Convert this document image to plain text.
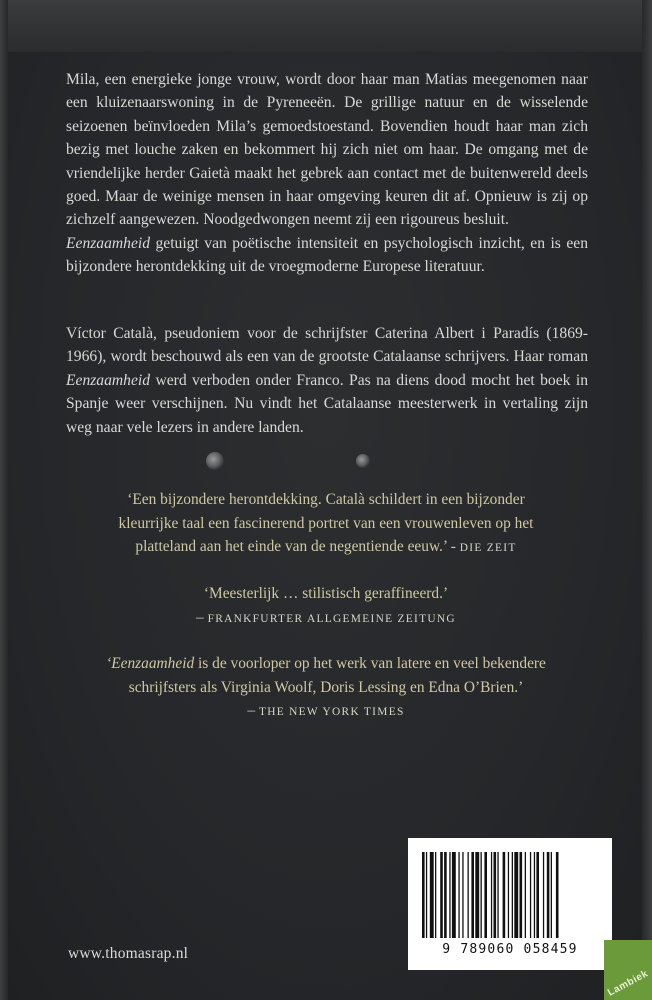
Mila, een energieke jonge vrouw, wordt door haar man Matias meegenomen naar een kluizenaarswoning in de Pyreneeën. De grillige natuur en de wisselende seizoenen beïnvloeden Mila’s gemoedstoestand. Bovendien houdt haar man zich bezig met louche zaken en bekommert hij zich niet om haar. De omgang met de vriendelijke herder Gaietà maakt het gebrek aan contact met de buitenwereld deels goed. Maar de weinige mensen in haar omgeving keuren dit af. Opnieuw is zij op zichzelf aangewezen. Noodgedwongen neemt zij een rigoureus besluit.

Eenzaamheid getuigt van poëtische intensiteit en psychologisch inzicht, en is een bijzondere herontdekking uit de vroegmoderne Europese literatuur.

Víctor Català, pseudoniem voor de schrijfster Caterina Albert i Paradís (1869-1966), wordt beschouwd als een van de grootste Catalaanse schrijvers. Haar roman Eenzaamheid werd verboden onder Franco. Pas na diens dood mocht het boek in Spanje weer verschijnen. Nu vindt het Catalaanse meesterwerk in vertaling zijn weg naar vele lezers in andere landen.

‘Een bijzondere herontdekking. Català schildert in een bijzonder
kleurrijke taal een fascinerend portret van een vrouwenleven op het
platteland aan het einde van de negentiende eeuw.’ - DIE ZEIT
‘Meesterlijk … stilistisch geraffineerd.’
– FRANKFURTER ALLGEMEINE ZEITUNG
‘Eenzaamheid is de voorloper op het werk van latere en veel bekendere
schrijfsters als Virginia Woolf, Doris Lessing en Edna O’Brien.’
– THE NEW YORK TIMES
www.thomasrap.nl	9 789060 058459
Lambiek
